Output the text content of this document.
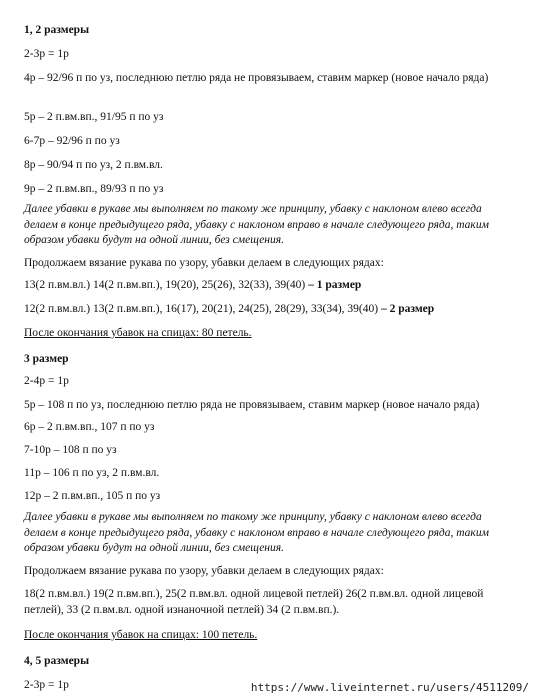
1, 2 размеры
2-3р = 1р
4р – 92/96 п по уз, последнюю петлю ряда не провязываем, ставим маркер (новое начало ряда)
5р – 2 п.вм.вп., 91/95 п по уз
6-7р – 92/96 п по уз
8р – 90/94 п по уз, 2 п.вм.вл.
9р – 2 п.вм.вп., 89/93 п по уз
Далее убавки в рукаве мы выполняем по такому же принципу, убавку с наклоном влево всегда делаем в конце предыдущего ряда, убавку с наклоном вправо в начале следующего ряда, таким образом убавки будут на одной линии, без смещения.
Продолжаем вязание рукава по узору, убавки делаем в следующих рядах:
13(2 п.вм.вл.) 14(2 п.вм.вп.), 19(20), 25(26), 32(33), 39(40) – 1 размер
12(2 п.вм.вл.) 13(2 п.вм.вп.), 16(17), 20(21), 24(25), 28(29), 33(34), 39(40) – 2 размер
После окончания убавок на спицах: 80 петель.
3 размер
2-4р = 1р
5р – 108 п по уз, последнюю петлю ряда не провязываем, ставим маркер (новое начало ряда)
6р – 2 п.вм.вп., 107 п по уз
7-10р – 108 п по уз
11р – 106 п по уз, 2 п.вм.вл.
12р – 2 п.вм.вп., 105 п по уз
Далее убавки в рукаве мы выполняем по такому же принципу, убавку с наклоном влево всегда делаем в конце предыдущего ряда, убавку с наклоном вправо в начале следующего ряда, таким образом убавки будут на одной линии, без смещения.
Продолжаем вязание рукава по узору, убавки делаем в следующих рядах:
18(2 п.вм.вл.) 19(2 п.вм.вп.), 25(2 п.вм.вл. одной лицевой петлей) 26(2 п.вм.вл. одной лицевой петлей), 33 (2 п.вм.вл. одной изнаночной петлей) 34 (2 п.вм.вп.).
После окончания убавок на спицах: 100 петель.
4, 5 размеры
2-3р = 1р	https://www.liveinternet.ru/users/4511209/
